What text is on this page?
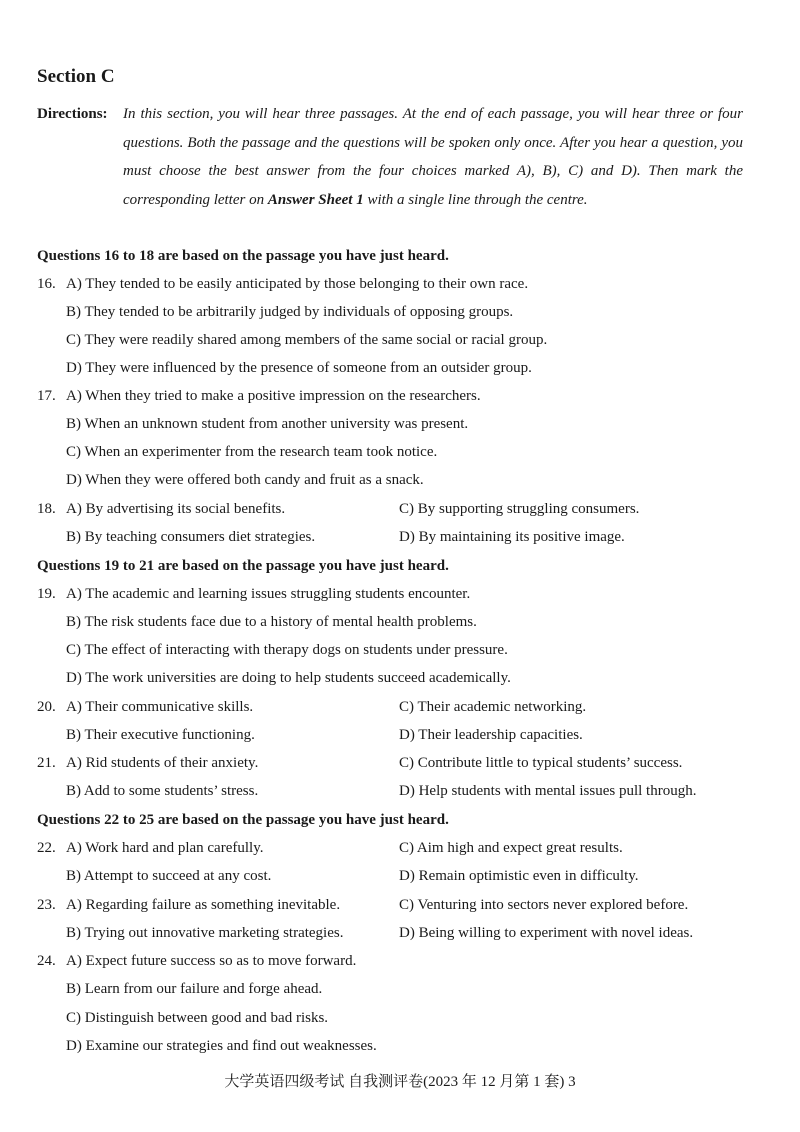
Section C
Directions:	In this section, you will hear three passages. At the end of each passage, you will hear three or four questions. Both the passage and the questions will be spoken only once. After you hear a question, you must choose the best answer from the four choices marked A), B), C) and D). Then mark the corresponding letter on Answer Sheet 1 with a single line through the centre.
Questions 16 to 18 are based on the passage you have just heard.
16. A) They tended to be easily anticipated by those belonging to their own race.
B) They tended to be arbitrarily judged by individuals of opposing groups.
C) They were readily shared among members of the same social or racial group.
D) They were influenced by the presence of someone from an outsider group.
17. A) When they tried to make a positive impression on the researchers.
B) When an unknown student from another university was present.
C) When an experimenter from the research team took notice.
D) When they were offered both candy and fruit as a snack.
18. A) By advertising its social benefits.	C) By supporting struggling consumers.
B) By teaching consumers diet strategies.	D) By maintaining its positive image.
Questions 19 to 21 are based on the passage you have just heard.
19. A) The academic and learning issues struggling students encounter.
B) The risk students face due to a history of mental health problems.
C) The effect of interacting with therapy dogs on students under pressure.
D) The work universities are doing to help students succeed academically.
20. A) Their communicative skills.	C) Their academic networking.
B) Their executive functioning.	D) Their leadership capacities.
21. A) Rid students of their anxiety.	C) Contribute little to typical students’ success.
B) Add to some students’ stress.	D) Help students with mental issues pull through.
Questions 22 to 25 are based on the passage you have just heard.
22. A) Work hard and plan carefully.	C) Aim high and expect great results.
B) Attempt to succeed at any cost.	D) Remain optimistic even in difficulty.
23. A) Regarding failure as something inevitable.	C) Venturing into sectors never explored before.
B) Trying out innovative marketing strategies.	D) Being willing to experiment with novel ideas.
24. A) Expect future success so as to move forward.
B) Learn from our failure and forge ahead.
C) Distinguish between good and bad risks.
D) Examine our strategies and find out weaknesses.
大学英语四级考试 自我测评卷(2023 年 12 月第 1 套) 3
